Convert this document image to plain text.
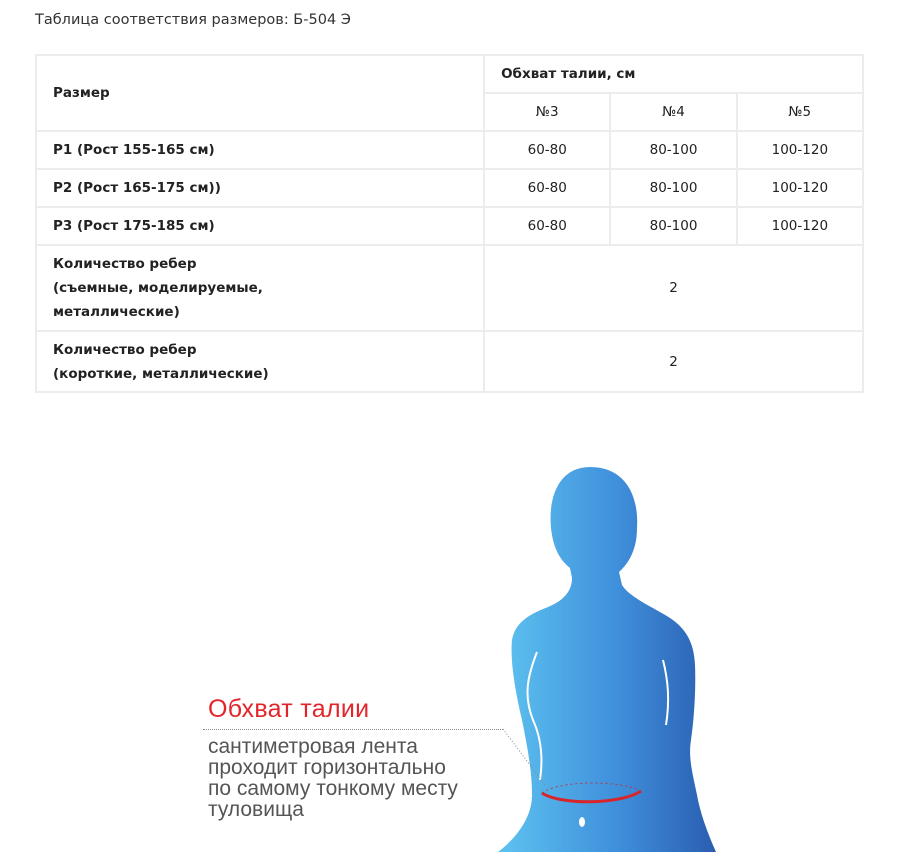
Таблица соответствия размеров: Б-504 Э
Размер	Обхват талии, см		
	№3	№4	№5
Р1 (Рост 155-165 см)	60-80	80-100	100-120
Р2 (Рост 165-175 см))	60-80	80-100	100-120
Р3 (Рост 175-185 см)	60-80	80-100	100-120

Количество ребер
(съемные, моделируемые,
металлические)	2		

Количество ребер
(короткие, металлические)	2		
Обхват талии
сантиметровая лента
проходит горизонтально
по самому тонкому месту
туловища
